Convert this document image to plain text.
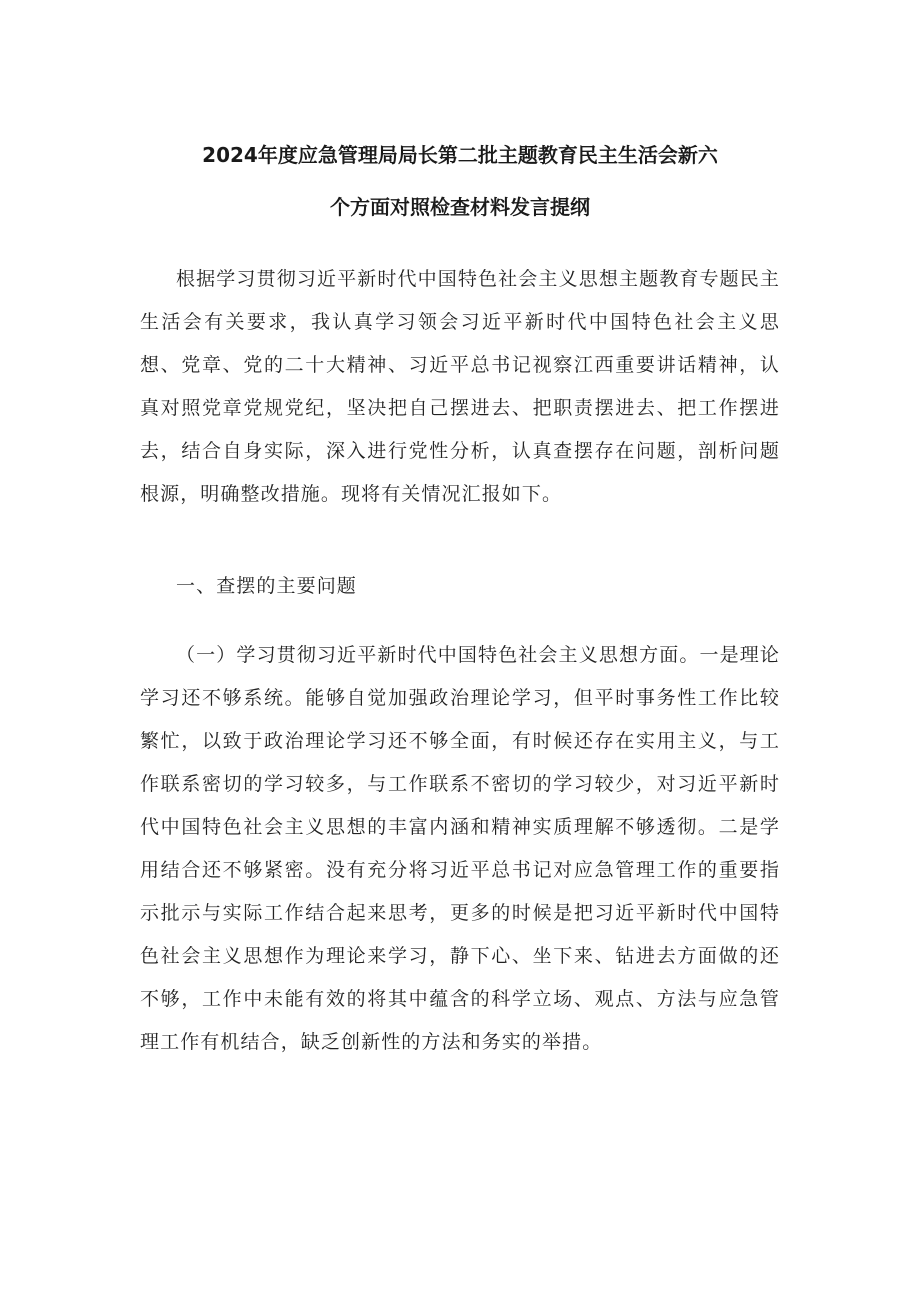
2024年度应急管理局局长第二批主题教育民主生活会新六
个方面对照检查材料发言提纲

根据学习贯彻习近平新时代中国特色社会主义思想主题教育专题民主生活会有关要求，我认真学习领会习近平新时代中国特色社会主义思想、党章、党的二十大精神、习近平总书记视察江西重要讲话精神，认真对照党章党规党纪，坚决把自己摆进去、把职责摆进去、把工作摆进去，结合自身实际，深入进行党性分析，认真查摆存在问题，剖析问题根源，明确整改措施。现将有关情况汇报如下。

一、查摆的主要问题

（一）学习贯彻习近平新时代中国特色社会主义思想方面。一是理论学习还不够系统。能够自觉加强政治理论学习，但平时事务性工作比较繁忙，以致于政治理论学习还不够全面，有时候还存在实用主义，与工作联系密切的学习较多，与工作联系不密切的学习较少，对习近平新时代中国特色社会主义思想的丰富内涵和精神实质理解不够透彻。二是学用结合还不够紧密。没有充分将习近平总书记对应急管理工作的重要指示批示与实际工作结合起来思考，更多的时候是把习近平新时代中国特色社会主义思想作为理论来学习，静下心、坐下来、钻进去方面做的还不够，工作中未能有效的将其中蕴含的科学立场、观点、方法与应急管理工作有机结合，缺乏创新性的方法和务实的举措。
